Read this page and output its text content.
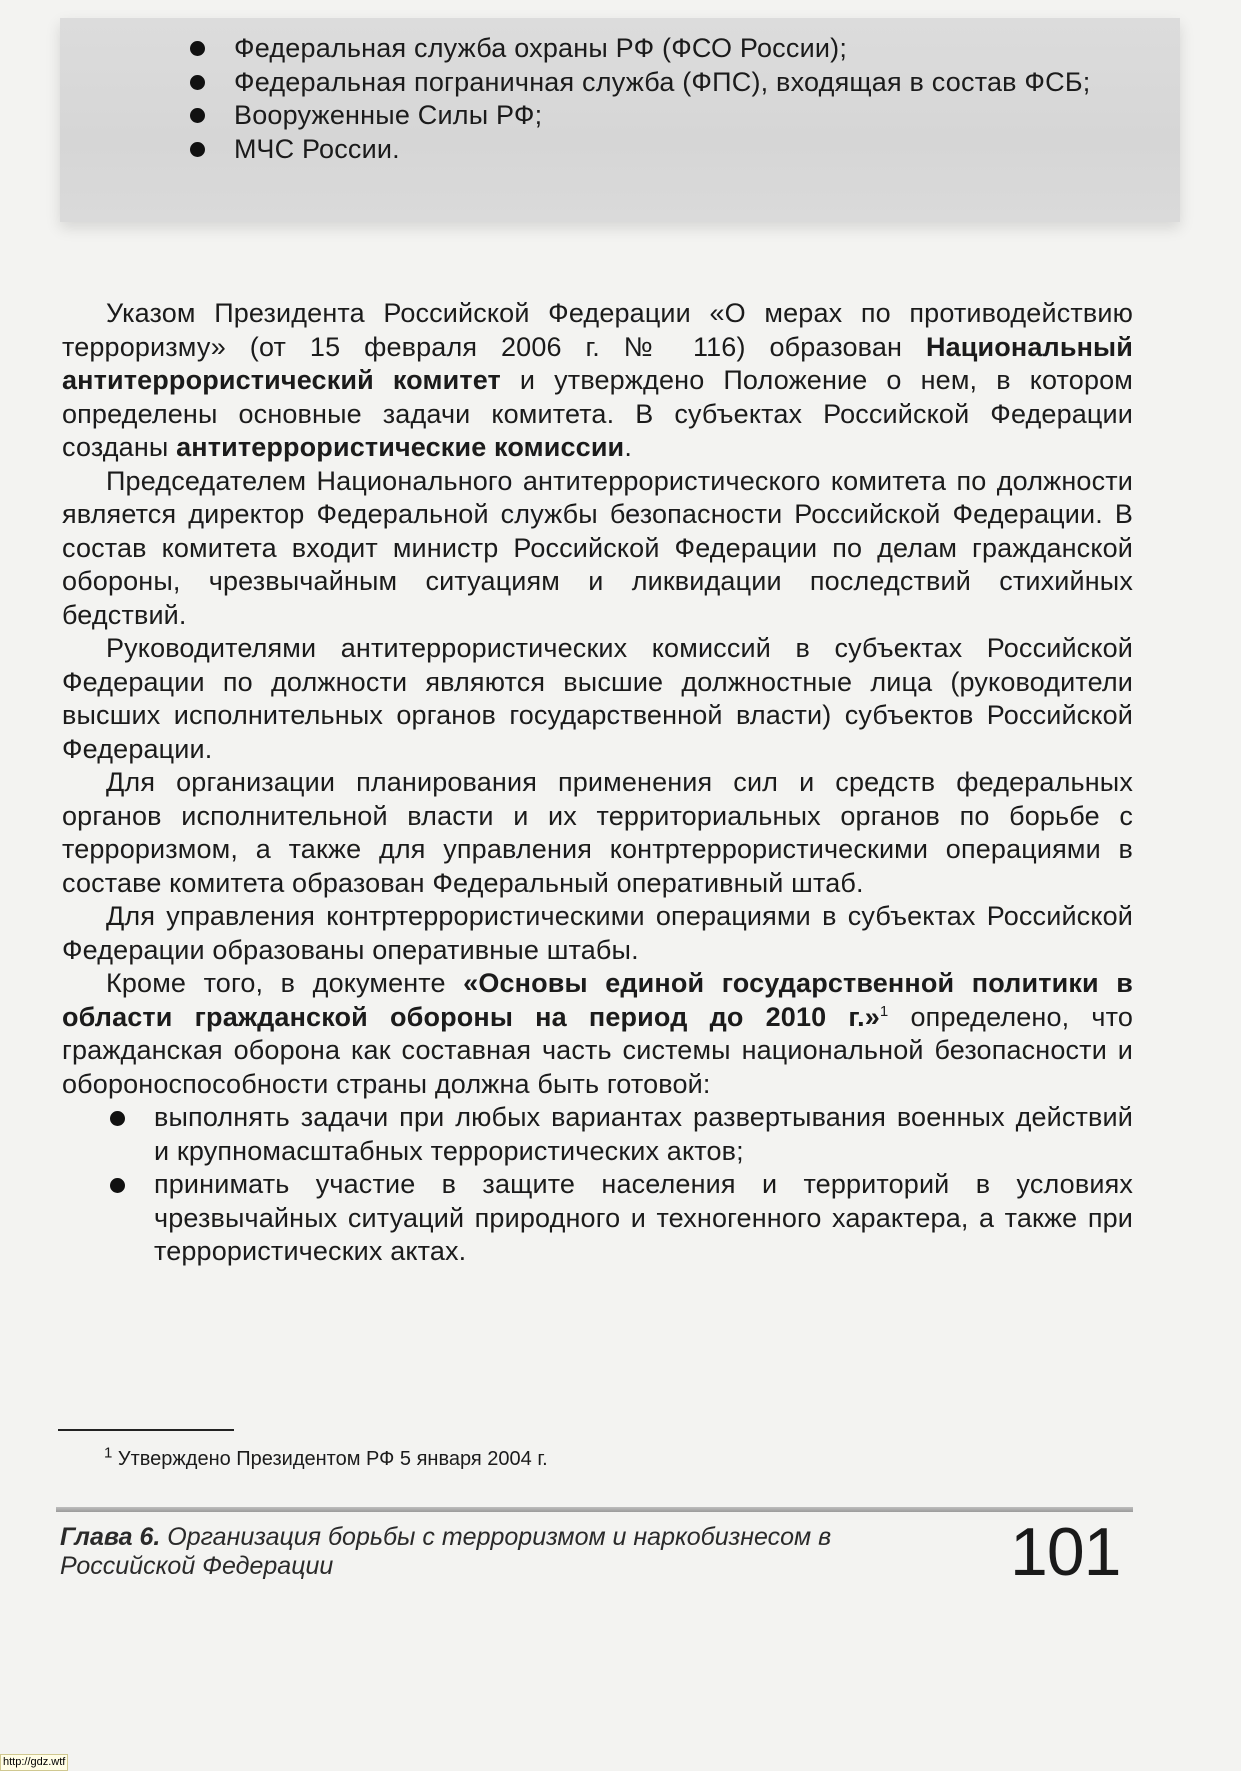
Федеральная служба охраны РФ (ФСО России);
Федеральная пограничная служба (ФПС), входящая в состав ФСБ;
Вооруженные Силы РФ;
МЧС России.

Указом Президента Российской Федерации «О мерах по противодействию терроризму» (от 15 февраля 2006 г. № 116) образован Национальный антитеррористический комитет и утверждено Положение о нем, в котором определены основные задачи комитета. В субъектах Российской Федерации созданы антитеррористические комиссии.

Председателем Национального антитеррористического комитета по должности является директор Федеральной службы безопасности Российской Федерации. В состав комитета входит министр Российской Федерации по делам гражданской обороны, чрезвычайным ситуациям и ликвидации последствий стихийных бедствий.

Руководителями антитеррористических комиссий в субъектах Российской Федерации по должности являются высшие должностные лица (руководители высших исполнительных органов государственной власти) субъектов Российской Федерации.

Для организации планирования применения сил и средств федеральных органов исполнительной власти и их территориальных органов по борьбе с терроризмом, а также для управления контртеррористическими операциями в составе комитета образован Федеральный оперативный штаб.

Для управления контртеррористическими операциями в субъектах Российской Федерации образованы оперативные штабы.

Кроме того, в документе «Основы единой государственной политики в области гражданской обороны на период до 2010 г.»$^1$ определено, что гражданская оборона как составная часть системы национальной безопасности и обороноспособности страны должна быть готовой:

выполнять задачи при любых вариантах развертывания военных действий и крупномасштабных террористических актов;
принимать участие в защите населения и территорий в условиях чрезвычайных ситуаций природного и техногенного характера, а также при террористических актах.
$^1$ Утверждено Президентом РФ 5 января 2004 г.
Глава 6. Организация борьбы с терроризмом и наркобизнесом в Российской Федерации	101
http://gdz.wtf
